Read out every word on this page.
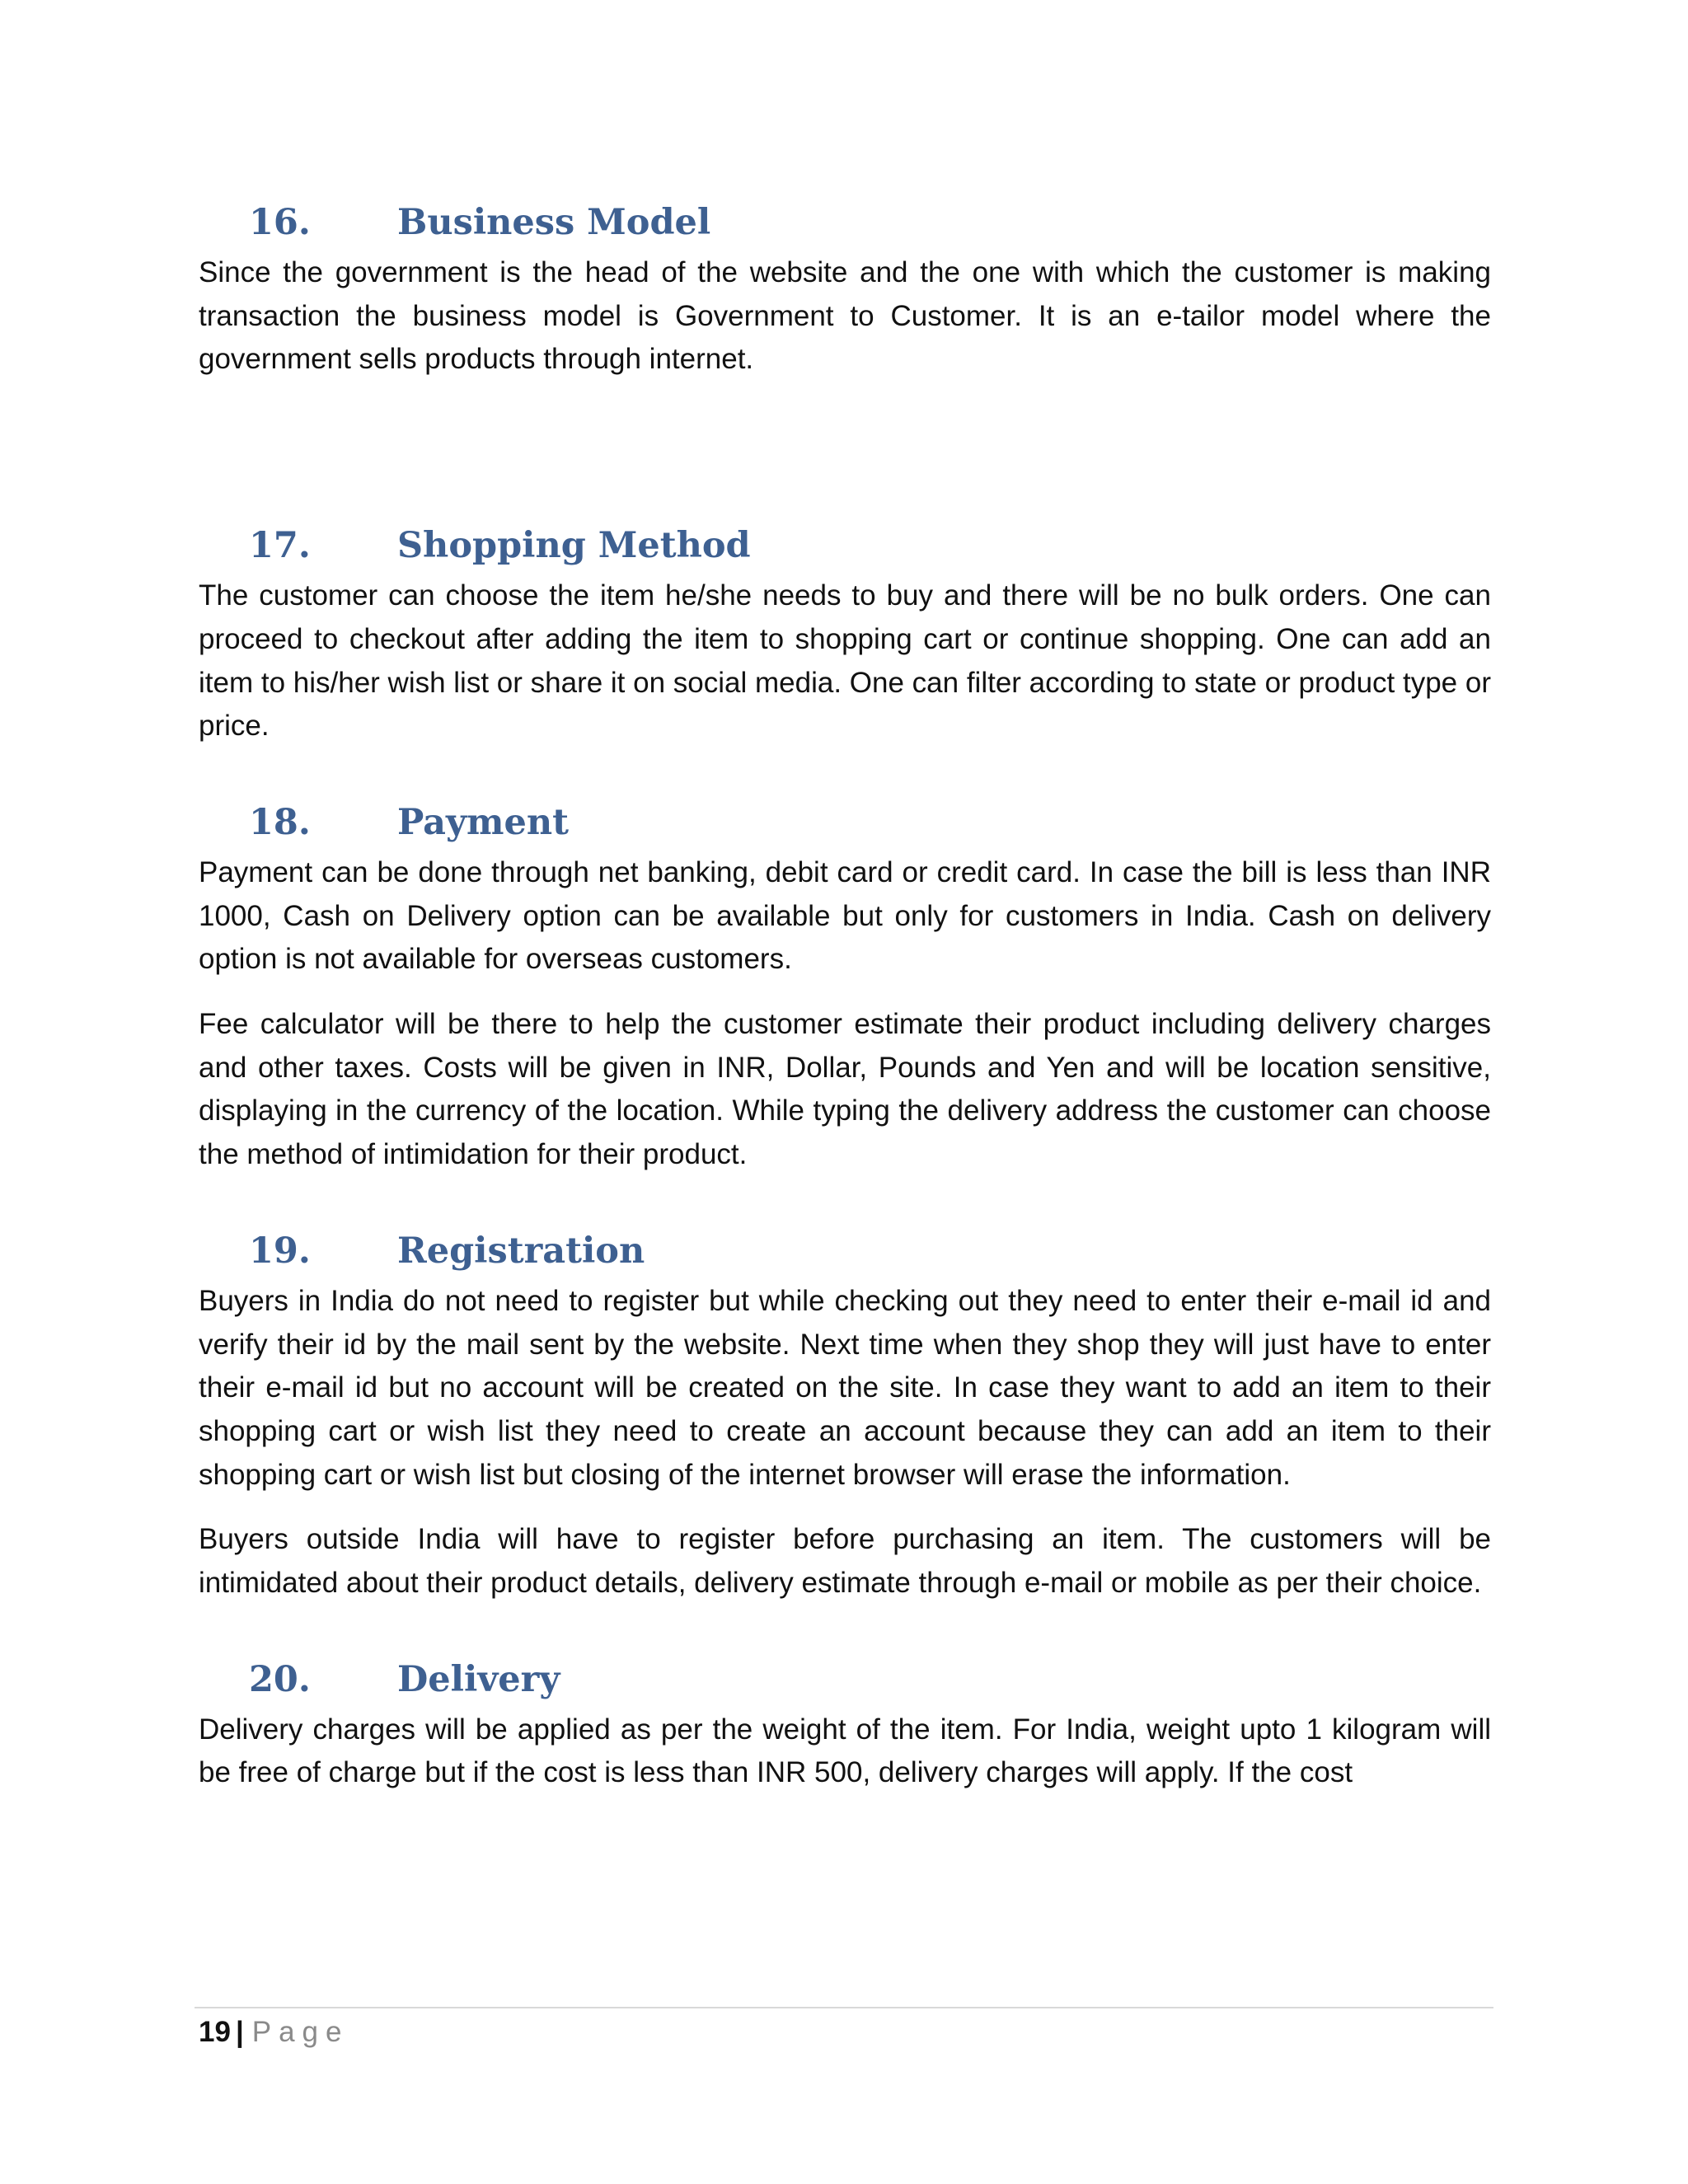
16. Business Model

Since the government is the head of the website and the one with which the customer is making transaction the business model is Government to Customer. It is an e-tailor model where the government sells products through internet.

17. Shopping Method

The customer can choose the item he/she needs to buy and there will be no bulk orders. One can proceed to checkout after adding the item to shopping cart or continue shopping. One can add an item to his/her wish list or share it on social media. One can filter according to state or product type or price.

18. Payment

Payment can be done through net banking, debit card or credit card. In case the bill is less than INR 1000, Cash on Delivery option can be available but only for customers in India. Cash on delivery option is not available for overseas customers.

Fee calculator will be there to help the customer estimate their product including delivery charges and other taxes. Costs will be given in INR, Dollar, Pounds and Yen and will be location sensitive, displaying in the currency of the location. While typing the delivery address the customer can choose the method of intimidation for their product.

19. Registration

Buyers in India do not need to register but while checking out they need to enter their e-mail id and verify their id by the mail sent by the website. Next time when they shop they will just have to enter their e-mail id but no account will be created on the site. In case they want to add an item to their shopping cart or wish list they need to create an account because they can add an item to their shopping cart or wish list but closing of the internet browser will erase the information.

Buyers outside India will have to register before purchasing an item. The customers will be intimidated about their product details, delivery estimate through e-mail or mobile as per their choice.

20. Delivery

Delivery charges will be applied as per the weight of the item. For India, weight upto 1 kilogram will be free of charge but if the cost is less than INR 500, delivery charges will apply. If the cost

19 | Page
